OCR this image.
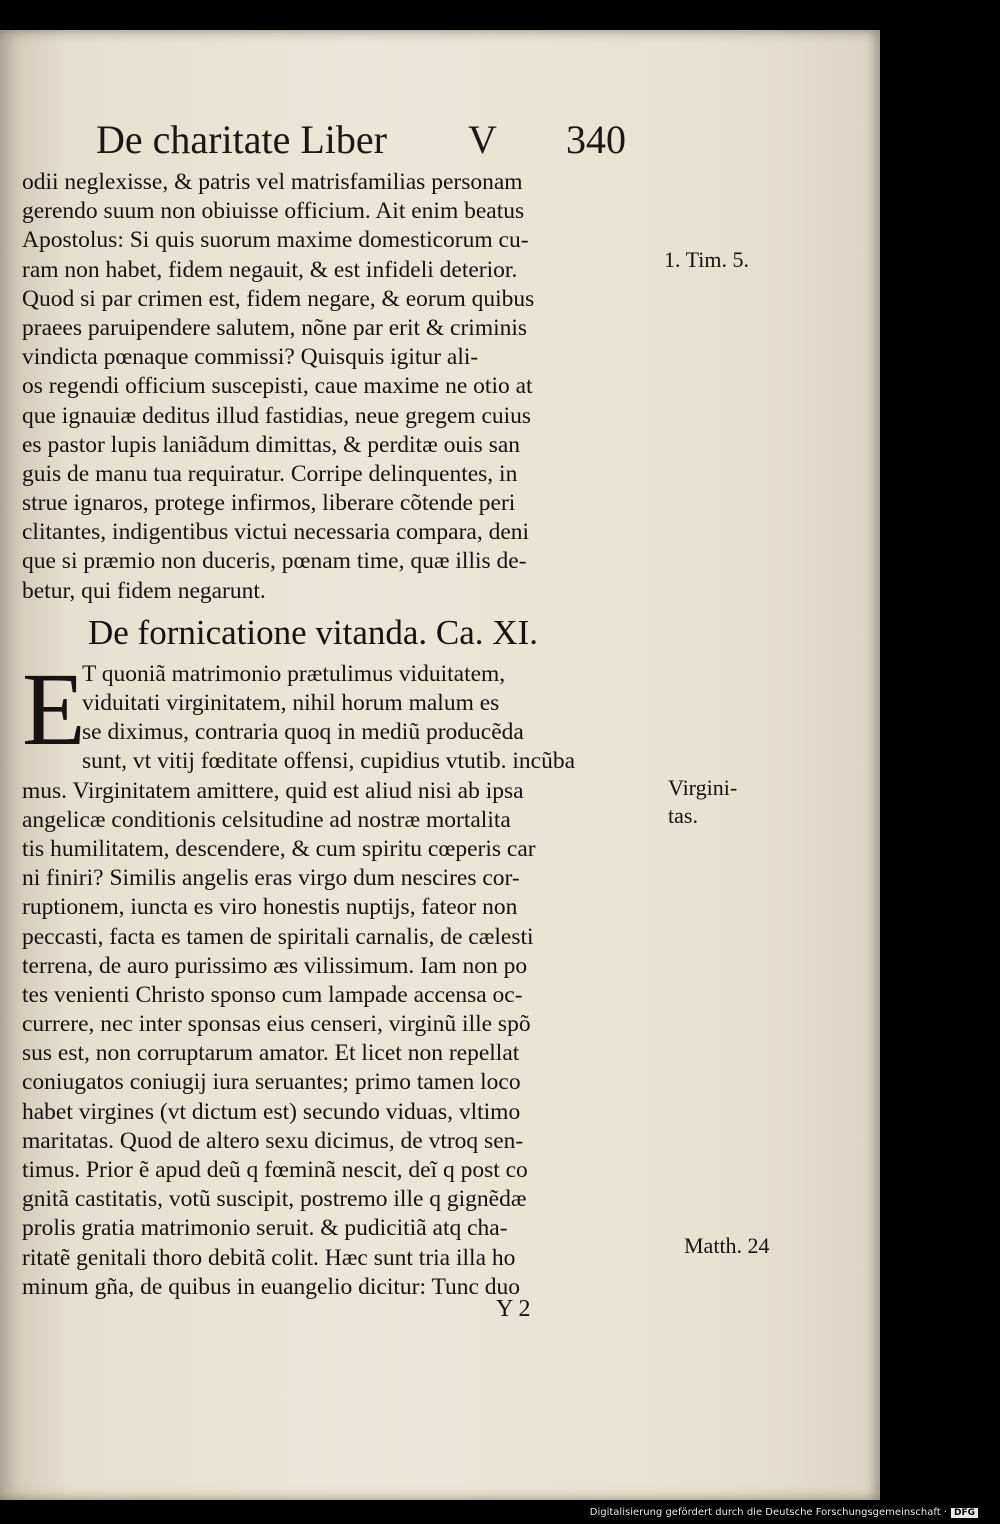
De charitate Liber V 340
odii neglexisse, & patris vel matrisfamilias personam
gerendo suum non obiuisse officium. Ait enim beatus
Apostolus: Si quis suorum maxime domesticorum cu-
ram non habet, fidem negauit, & est infideli deterior.
Quod si par crimen est, fidem negare, & eorum quibus
praees paruipendere salutem, nõne par erit & criminis
vindicta pœnaque commissi? Quisquis igitur ali-
os regendi officium suscepisti, caue maxime ne otio at
que ignauiæ deditus illud fastidias, neue gregem cuius
es pastor lupis laniãdum dimittas, & perditæ ouis san
guis de manu tua requiratur. Corripe delinquentes, in
strue ignaros, protege infirmos, liberare cõtende peri
clitantes, indigentibus victui necessaria compara, deni
que si præmio non duceris, pœnam time, quæ illis de-
betur, qui fidem negarunt.
De fornicatione vitanda. Ca. XI.
E
T quoniã matrimonio prætulimus viduitatem,
viduitati virginitatem, nihil horum malum es
se diximus, contraria quoq in mediũ producẽda
sunt, vt vitij fœditate offensi, cupidius vtutib. incũba
mus. Virginitatem amittere, quid est aliud nisi ab ipsa
angelicæ conditionis celsitudine ad nostræ mortalita
tis humilitatem, descendere, & cum spiritu cœperis car
ni finiri? Similis angelis eras virgo dum nescires cor-
ruptionem, iuncta es viro honestis nuptijs, fateor non
peccasti, facta es tamen de spiritali carnalis, de cælesti
terrena, de auro purissimo æs vilissimum. Iam non po
tes venienti Christo sponso cum lampade accensa oc-
currere, nec inter sponsas eius censeri, virginũ ille spõ
sus est, non corruptarum amator. Et licet non repellat
coniugatos coniugij iura seruantes; primo tamen loco
habet virgines (vt dictum est) secundo viduas, vltimo
maritatas. Quod de altero sexu dicimus, de vtroq sen-
timus. Prior ẽ apud deũ q fœminã nescit, deĩ q post co
gnitã castitatis, votũ suscipit, postremo ille q gignẽdæ
prolis gratia matrimonio seruit. & pudicitiã atq cha-
ritatẽ genitali thoro debitã colit. Hæc sunt tria illa ho
minum gña, de quibus in euangelio dicitur: Tunc duo
1. Tim. 5.
Virgini-
tas.
Matth. 24
Y 2
Digitalisierung gefördert durch die Deutsche Forschungsgemeinschaft · DFG
